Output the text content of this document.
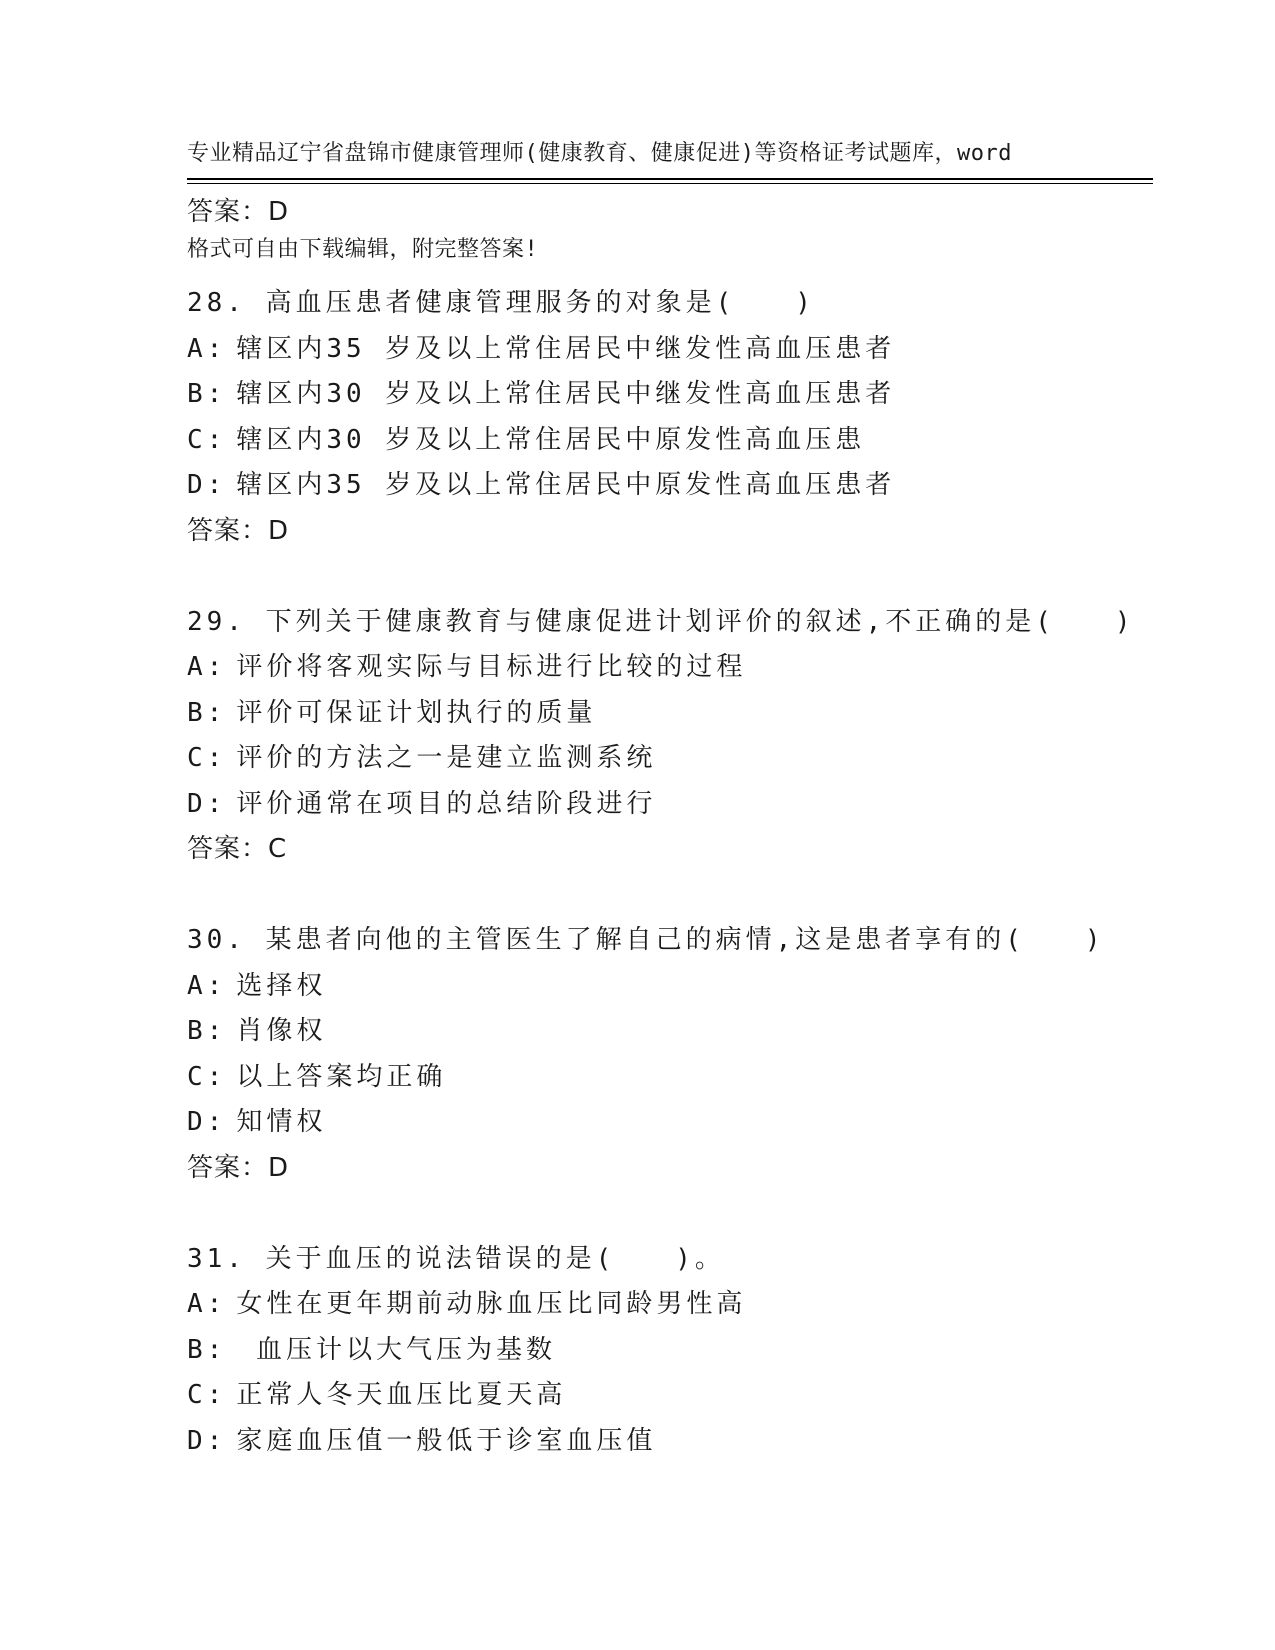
专业精品辽宁省盘锦市健康管理师(健康教育、健康促进)等资格证考试题库，word

格式可自由下载编辑，附完整答案!

答案：D
28. 高血压患者健康管理服务的对象是(　　)
A: 辖区内35 岁及以上常住居民中继发性高血压患者
B: 辖区内30 岁及以上常住居民中继发性高血压患者
C: 辖区内30 岁及以上常住居民中原发性高血压患
D: 辖区内35 岁及以上常住居民中原发性高血压患者
答案：D
29. 下列关于健康教育与健康促进计划评价的叙述,不正确的是(　　)
A: 评价将客观实际与目标进行比较的过程
B: 评价可保证计划执行的质量
C: 评价的方法之一是建立监测系统
D: 评价通常在项目的总结阶段进行
答案：C
30. 某患者向他的主管医生了解自己的病情,这是患者享有的(　　)
A: 选择权
B: 肖像权
C: 以上答案均正确
D: 知情权
答案：D
31. 关于血压的说法错误的是(　　)。
A: 女性在更年期前动脉血压比同龄男性高
B: 血压计以大气压为基数
C: 正常人冬天血压比夏天高
D: 家庭血压值一般低于诊室血压值
